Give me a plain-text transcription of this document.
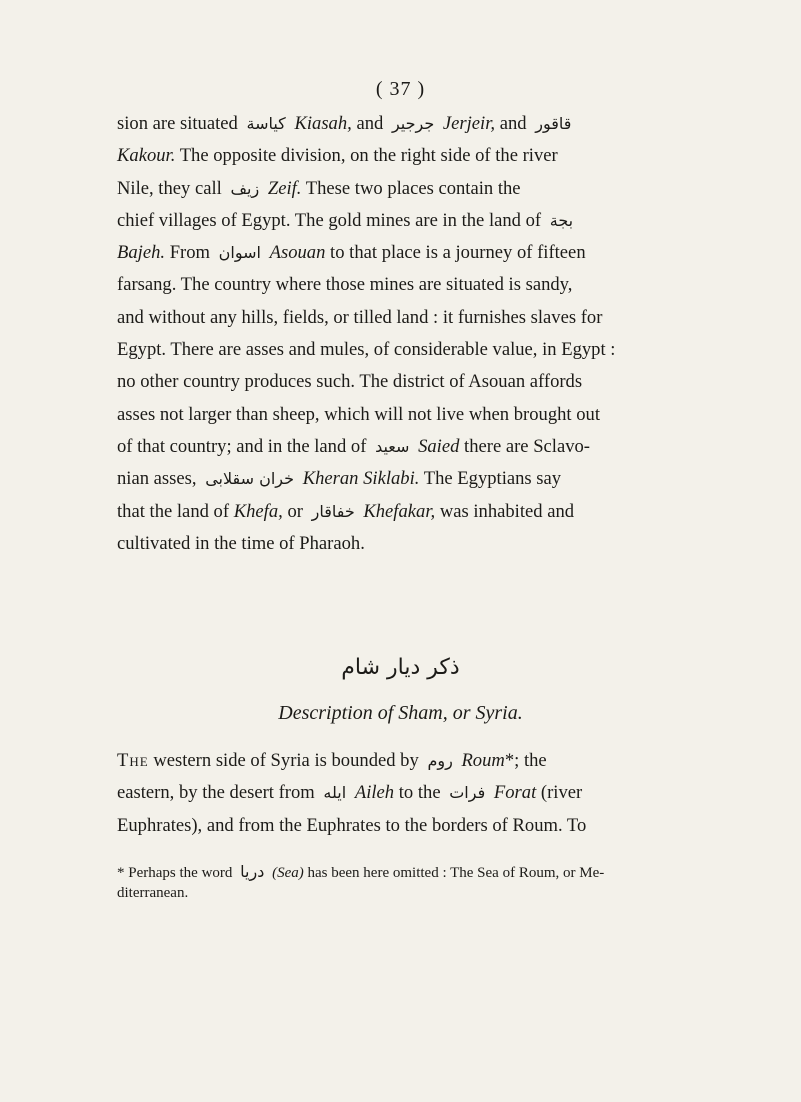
( 37 )
sion are situated كياسة Kiasah, and جرجير Jerjeir, and قاقور
Kakour. The opposite division, on the right side of the river
Nile, they call زيف Zeif. These two places contain the
chief villages of Egypt. The gold mines are in the land of بجة
Bajeh. From اسوان Asouan to that place is a journey of fifteen
farsang. The country where those mines are situated is sandy,
and without any hills, fields, or tilled land : it furnishes slaves for
Egypt. There are asses and mules, of considerable value, in Egypt :
no other country produces such. The district of Asouan affords
asses not larger than sheep, which will not live when brought out
of that country; and in the land of سعيد Saied there are Sclavo-
nian asses, خران سقلابى Kheran Siklabi. The Egyptians say
that the land of Khefa, or خفاقار Khefakar, was inhabited and
cultivated in the time of Pharaoh.
ذكر ديار شام
Description of Sham, or Syria.
The western side of Syria is bounded by روم Roum*; the
eastern, by the desert from ايله Aileh to the فرات Forat (river
Euphrates), and from the Euphrates to the borders of Roum. To
* Perhaps the word دريا (Sea) has been here omitted : The Sea of Roum, or Me-
diterranean.
